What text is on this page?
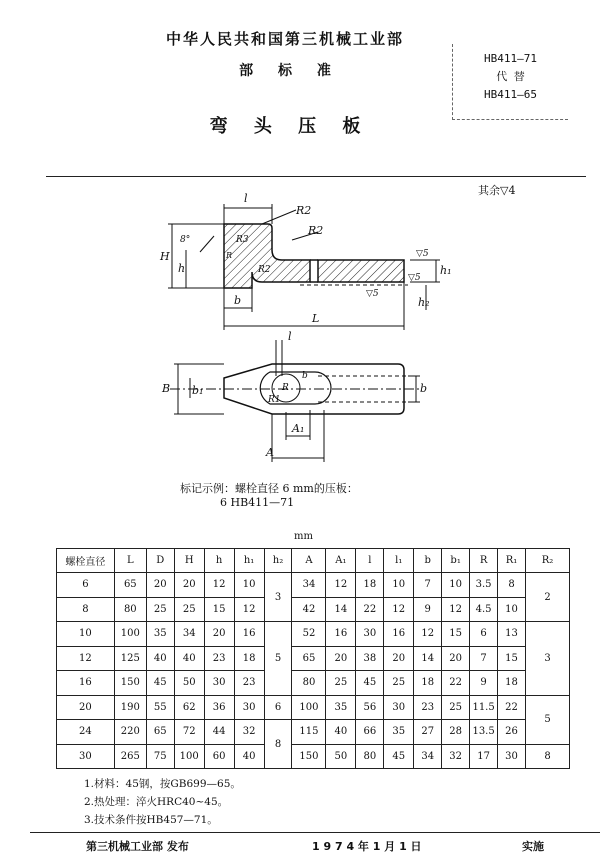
中华人民共和国第三机械工业部
部 标 准
弯 头 压 板
HB411—71
代 替
HB411—65
其余▽4
l
R2
R2
R3
8°
R
R2
H
h
b
L
h₁
h₂
▽5
▽5
▽5
l
B b₁	b
b
R1
R
A₁
A
标记示例：螺栓直径 6 mm的压板：
6 HB411—71
mm
螺栓直径	L	D	H	h	h₁	h₂	A	A₁	l	l₁	b	b₁	R	R₁	R₂
6	65	20	20	12	10	3	34	12	18	10	7	10	3.5	8	2
8	80	25	25	15	12		42	14	22	12	9	12	4.5	10	
10	100	35	34	20	16	5	52	16	30	16	12	15	6	13	3
12	125	40	40	23	18		65	20	38	20	14	20	7	15	
16	150	45	50	30	23		80	25	45	25	18	22	9	18	
20	190	55	62	36	30	6	100	35	56	30	23	25	11.5	22	5
24	220	65	72	44	32	8	115	40	66	35	27	28	13.5	26	
30	265	75	100	60	40		150	50	80	45	34	32	17	30	8
1.材料：45钢，按GB699—65。
2.热处理：淬火HRC40~45。
3.技术条件按HB457—71。
第三机械工业部 发布	1 9 7 4 年 1 月 1 日	实施
